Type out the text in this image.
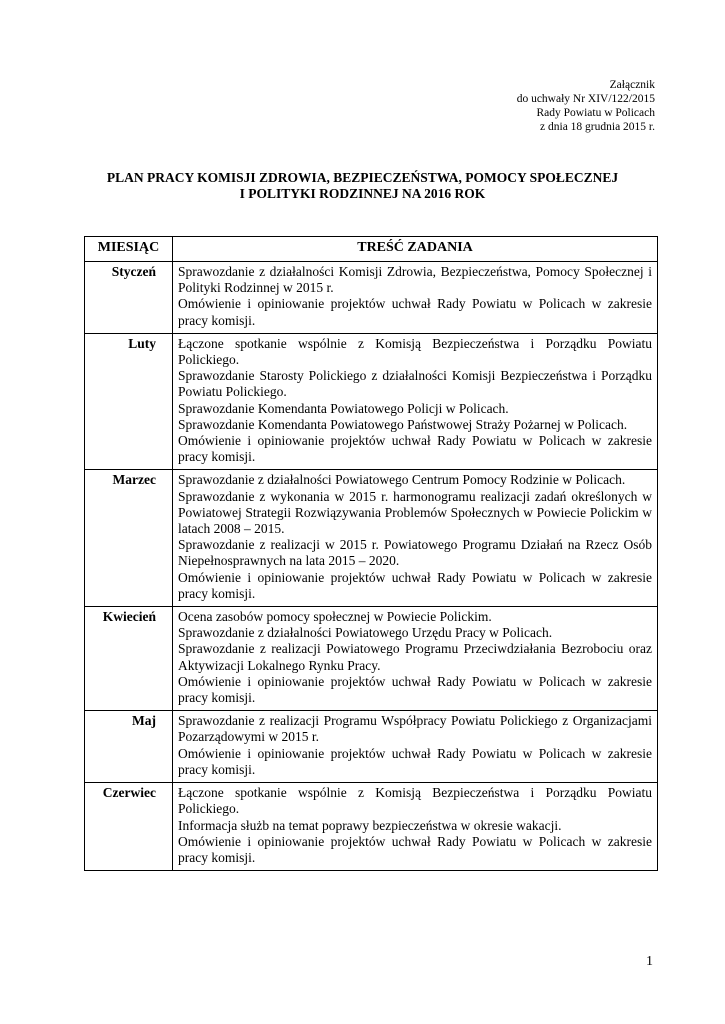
Załącznik
do uchwały Nr XIV/122/2015
Rady Powiatu w Policach
z dnia 18 grudnia 2015 r.
PLAN PRACY KOMISJI ZDROWIA, BEZPIECZEŃSTWA, POMOCY SPOŁECZNEJ
I POLITYKI RODZINNEJ NA 2016 ROK
MIESIĄC	TREŚĆ ZADANIA
Styczeń	Sprawozdanie z działalności Komisji Zdrowia, Bezpieczeństwa, Pomocy Społecznej i Polityki Rodzinnej w 2015 r.
Omówienie i opiniowanie projektów uchwał Rady Powiatu w Policach w zakresie pracy komisji.

Luty	Łączone spotkanie wspólnie z Komisją Bezpieczeństwa i Porządku Powiatu Polickiego.
Sprawozdanie Starosty Polickiego z działalności Komisji Bezpieczeństwa i Porządku Powiatu Polickiego.
Sprawozdanie Komendanta Powiatowego Policji w Policach.
Sprawozdanie Komendanta Powiatowego Państwowej Straży Pożarnej w Policach.
Omówienie i opiniowanie projektów uchwał Rady Powiatu w Policach w zakresie pracy komisji.

Marzec	Sprawozdanie z działalności Powiatowego Centrum Pomocy Rodzinie w Policach.
Sprawozdanie z wykonania w 2015 r. harmonogramu realizacji zadań określonych w Powiatowej Strategii Rozwiązywania Problemów Społecznych w Powiecie Polickim w latach 2008 – 2015.
Sprawozdanie z realizacji w 2015 r. Powiatowego Programu Działań na Rzecz Osób Niepełnosprawnych na lata 2015 – 2020.
Omówienie i opiniowanie projektów uchwał Rady Powiatu w Policach w zakresie pracy komisji.

Kwiecień	Ocena zasobów pomocy społecznej w Powiecie Polickim.
Sprawozdanie z działalności Powiatowego Urzędu Pracy w Policach.
Sprawozdanie z realizacji Powiatowego Programu Przeciwdziałania Bezrobociu oraz Aktywizacji Lokalnego Rynku Pracy.
Omówienie i opiniowanie projektów uchwał Rady Powiatu w Policach w zakresie pracy komisji.

Maj	Sprawozdanie z realizacji Programu Współpracy Powiatu Polickiego z Organizacjami Pozarządowymi w 2015 r.
Omówienie i opiniowanie projektów uchwał Rady Powiatu w Policach w zakresie pracy komisji.

Czerwiec	Łączone spotkanie wspólnie z Komisją Bezpieczeństwa i Porządku Powiatu Polickiego.
Informacja służb na temat poprawy bezpieczeństwa w okresie wakacji.
Omówienie i opiniowanie projektów uchwał Rady Powiatu w Policach w zakresie pracy komisji.
1
